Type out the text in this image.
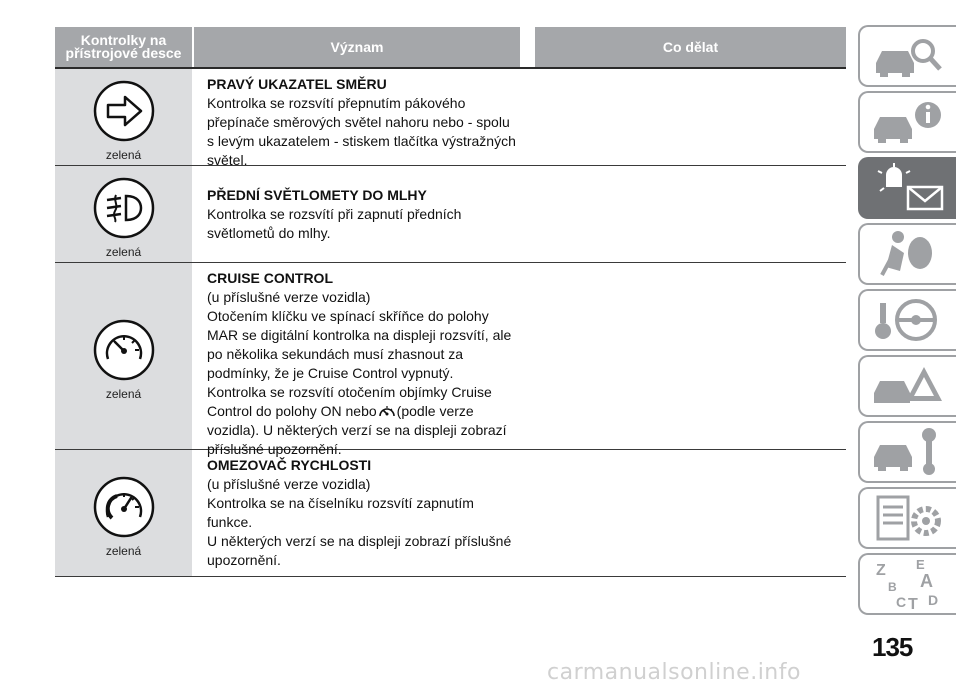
Kontrolky na přístrojové desce	Význam	Co dělat
zelená
PRAVÝ UKAZATEL SMĚRU
Kontrolka se rozsvítí přepnutím pákového
přepínače směrových světel nahoru nebo - spolu
s levým ukazatelem - stiskem tlačítka výstražných
světel.
zelená
PŘEDNÍ SVĚTLOMETY DO MLHY
Kontrolka se rozsvítí při zapnutí předních
světlometů do mlhy.
zelená
CRUISE CONTROL
(u příslušné verze vozidla)
Otočením klíčku ve spínací skříňce do polohy
MAR se digitální kontrolka na displeji rozsvítí, ale
po několika sekundách musí zhasnout za
podmínky, že je Cruise Control vypnutý.
Kontrolka se rozsvítí otočením objímky Cruise
Control do polohy ON nebo (podle verze
vozidla). U některých verzí se na displeji zobrazí
příslušné upozornění.
zelená
OMEZOVAČ RYCHLOSTI
(u příslušné verze vozidla)
Kontrolka se na číselníku rozsvítí zapnutím
funkce.
U některých verzí se na displeji zobrazí příslušné
upozornění.
Z E
B A
C T D
135
carmanualsonline.info
